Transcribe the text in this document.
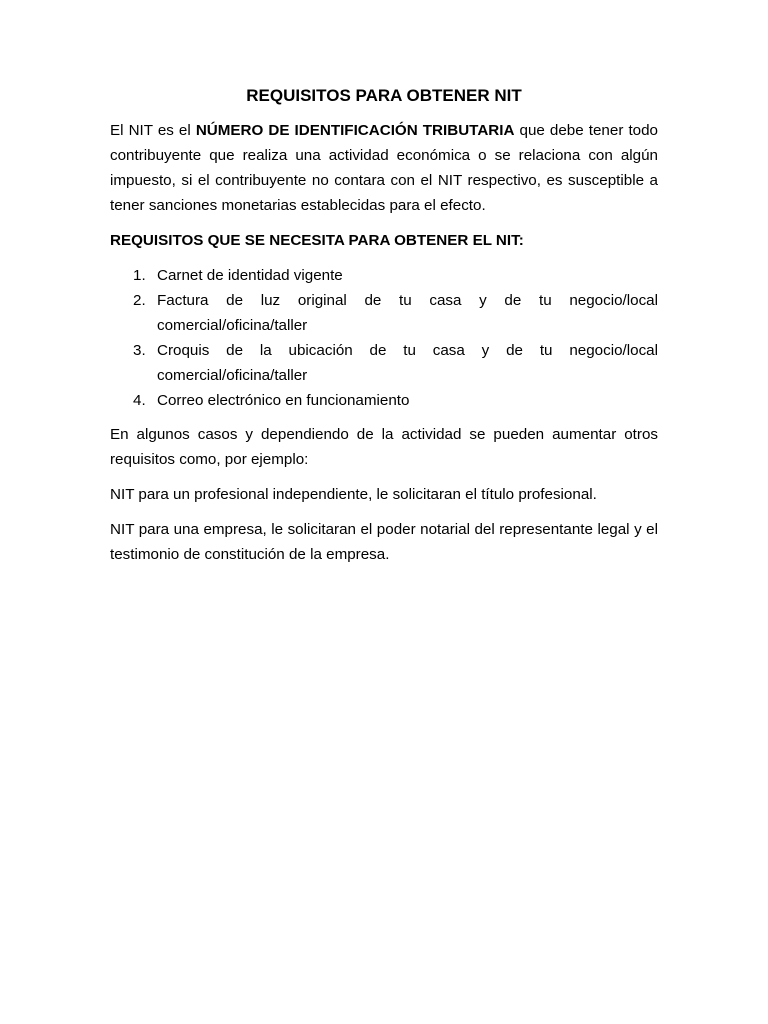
REQUISITOS PARA OBTENER NIT

El NIT es el NÚMERO DE IDENTIFICACIÓN TRIBUTARIA que debe tener todo contribuyente que realiza una actividad económica o se relaciona con algún impuesto, si el contribuyente no contara con el NIT respectivo, es susceptible a tener sanciones monetarias establecidas para el efecto.

REQUISITOS QUE SE NECESITA PARA OBTENER EL NIT:
1. Carnet de identidad vigente
2. Factura de luz original de tu casa y de tu negocio/local comercial/oficina/taller
3. Croquis de la ubicación de tu casa y de tu negocio/local comercial/oficina/taller
4. Correo electrónico en funcionamiento

En algunos casos y dependiendo de la actividad se pueden aumentar otros requisitos como, por ejemplo:

NIT para un profesional independiente, le solicitaran el título profesional.

NIT para una empresa, le solicitaran el poder notarial del representante legal y el testimonio de constitución de la empresa.
